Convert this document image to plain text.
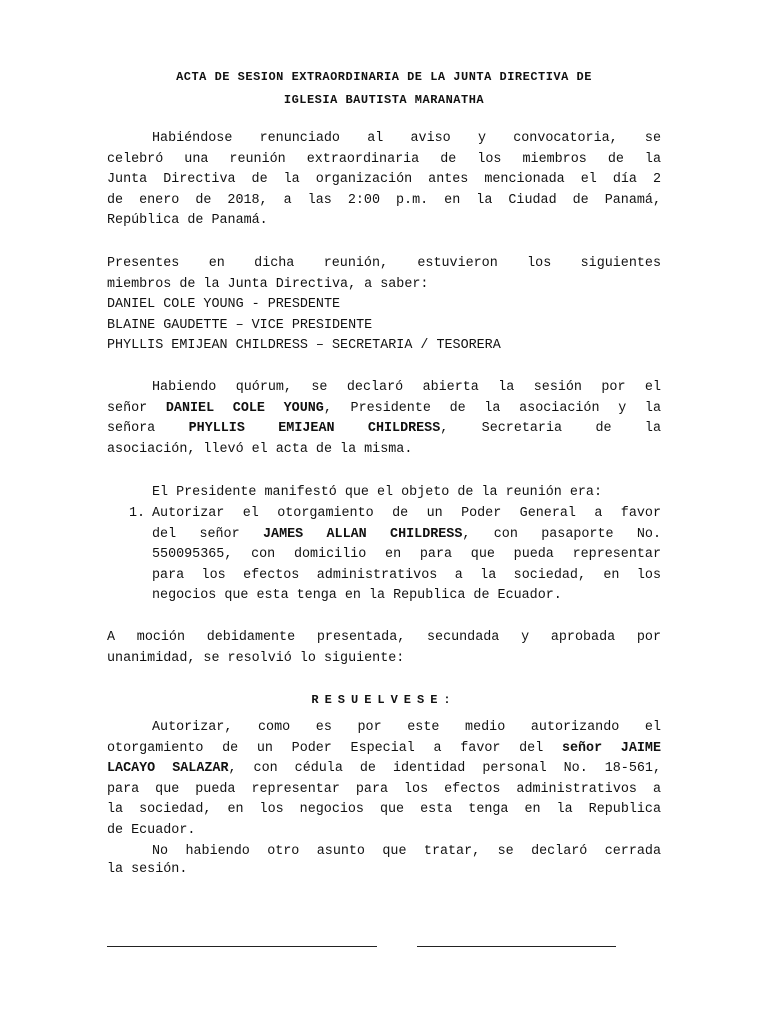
ACTA DE SESION EXTRAORDINARIA DE LA JUNTA DIRECTIVA DE
IGLESIA BAUTISTA MARANATHA
Habiéndose renunciado al aviso y convocatoria, se
celebró una reunión extraordinaria de los miembros de la
Junta Directiva de la organización antes mencionada el día 2
de enero de 2018, a las 2:00 p.m. en la Ciudad de Panamá,
República de Panamá.
Presentes en dicha reunión, estuvieron los siguientes
miembros de la Junta Directiva, a saber:
DANIEL COLE YOUNG - PRESDENTE
BLAINE GAUDETTE – VICE PRESIDENTE
PHYLLIS EMIJEAN CHILDRESS – SECRETARIA / TESORERA
Habiendo quórum, se declaró abierta la sesión por el
señor DANIEL COLE YOUNG, Presidente de la asociación y la
señora PHYLLIS EMIJEAN CHILDRESS, Secretaria de la
asociación, llevó el acta de la misma.
El Presidente manifestó que el objeto de la reunión era:
1. Autorizar el otorgamiento de un Poder General a favor
del señor JAMES ALLAN CHILDRESS, con pasaporte No.
550095365, con domicilio en para que pueda representar
para los efectos administrativos a la sociedad, en los
negocios que esta tenga en la Republica de Ecuador.
A moción debidamente presentada, secundada y aprobada por
unanimidad, se resolvió lo siguiente:
RESUELVESE:
Autorizar, como es por este medio autorizando el
otorgamiento de un Poder Especial a favor del señor JAIME
LACAYO SALAZAR, con cédula de identidad personal No. 18-561,
para que pueda representar para los efectos administrativos a
la sociedad, en los negocios que esta tenga en la Republica
de Ecuador.
No habiendo otro asunto que tratar, se declaró cerrada
la sesión.
